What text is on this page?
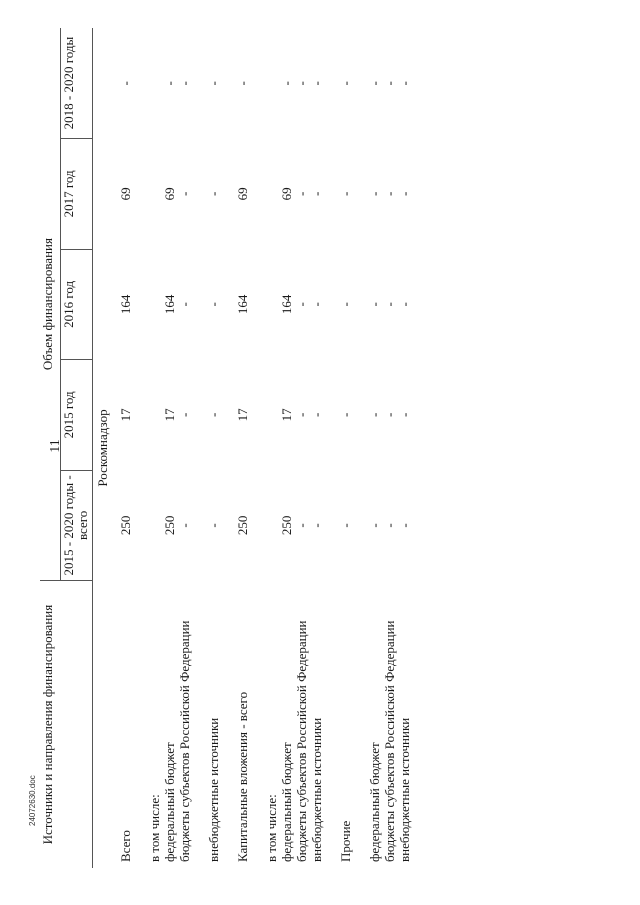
11
24072630.doc Источники и направления финансирования	Объем финансирования				
	2015 - 2020 годы - всего	2015 год	2016 год	2017 год	2018 - 2020 годы
Роскомнадзор					
Всего	250	17	164	69	-

в том числе:					
федеральный бюджет	250	17	164	69	-
бюджеты субъектов Российской Федерации	-	-	-	-	-

внебюджетные источники	-	-	-	-	-

Капитальные вложения - всего	250	17	164	69	-

в том числе:					
федеральный бюджет	250	17	164	69	-
бюджеты субъектов Российской Федерации	-	-	-	-	-
внебюджетные источники	-	-	-	-	-

Прочие	-	-	-	-	-

федеральный бюджет	-	-	-	-	-
бюджеты субъектов Российской Федерации	-	-	-	-	-
внебюджетные источники	-	-	-	-	-
